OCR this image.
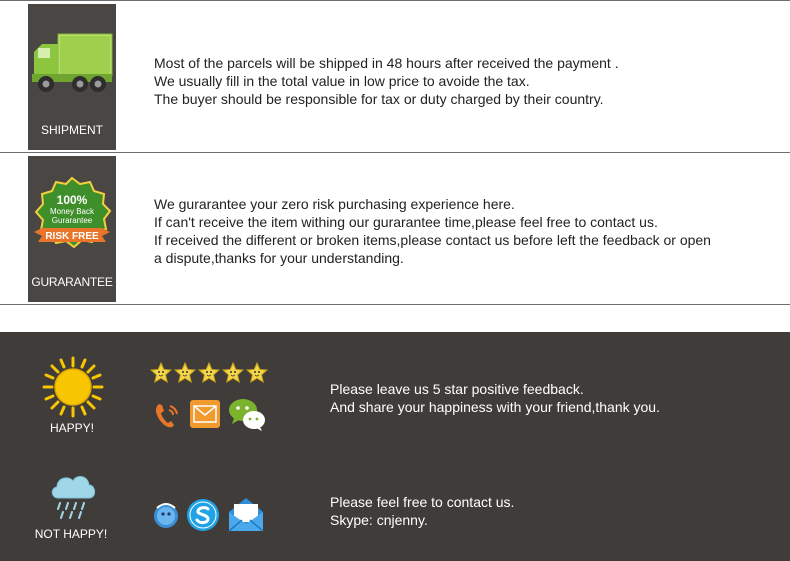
SHIPMENT
Most of the parcels will be shipped in 48 hours after received the payment .
We usually fill in the total value in low price to avoide the tax.
The buyer should be responsible for tax or duty charged by their country.
100%
Money Back
Gurarantee
RISK FREE
GURARANTEE
We gurarantee your zero risk purchasing experience here.
If can't receive the item withing our gurarantee time,please feel free to contact us.
If received the different or broken items,please contact us before left the feedback or open
a dispute,thanks for your understanding.
HAPPY!
Please leave us 5 star positive feedback.
And share your happiness with your friend,thank you.
NOT HAPPY!
Please feel free to contact us.
Skype: cnjenny.
